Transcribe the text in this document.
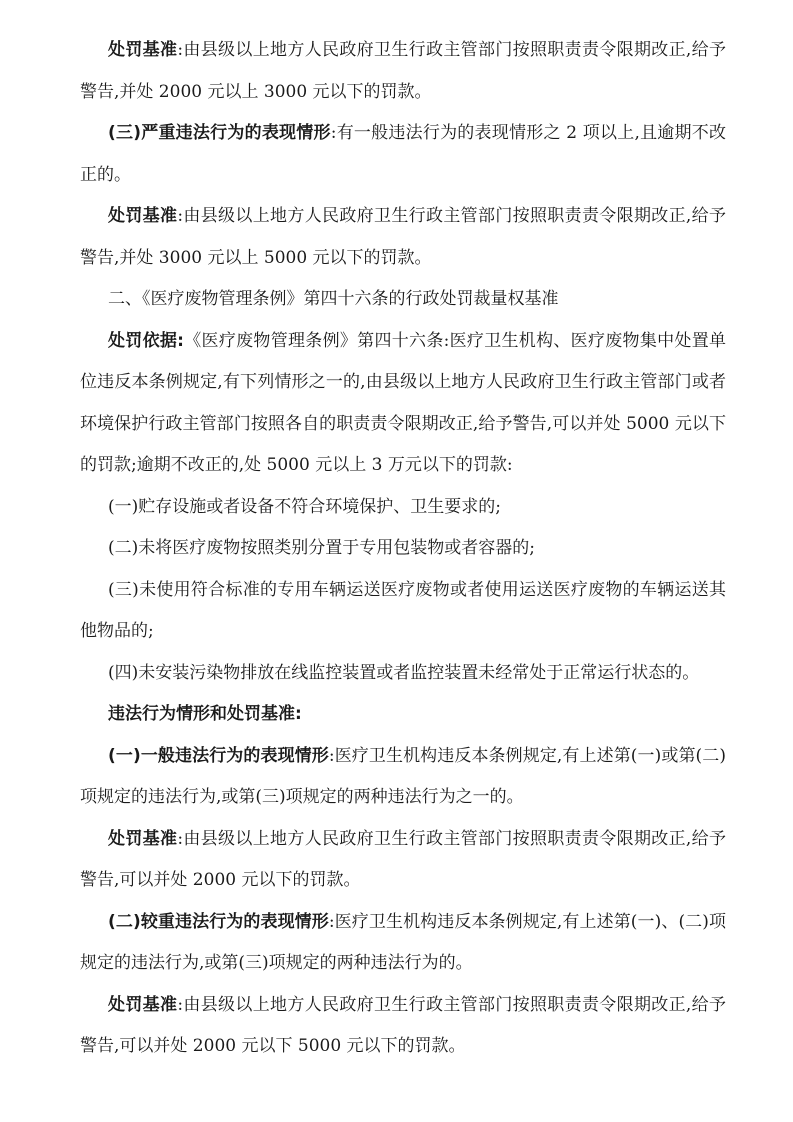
处罚基准:由县级以上地方人民政府卫生行政主管部门按照职责责令限期改正,给予警告,并处 2000 元以上 3000 元以下的罚款。

(三)严重违法行为的表现情形:有一般违法行为的表现情形之 2 项以上,且逾期不改正的。

处罚基准:由县级以上地方人民政府卫生行政主管部门按照职责责令限期改正,给予警告,并处 3000 元以上 5000 元以下的罚款。

二、《医疗废物管理条例》第四十六条的行政处罚裁量权基准

处罚依据:《医疗废物管理条例》第四十六条:医疗卫生机构、医疗废物集中处置单位违反本条例规定,有下列情形之一的,由县级以上地方人民政府卫生行政主管部门或者环境保护行政主管部门按照各自的职责责令限期改正,给予警告,可以并处 5000 元以下的罚款;逾期不改正的,处 5000 元以上 3 万元以下的罚款:

(一)贮存设施或者设备不符合环境保护、卫生要求的;

(二)未将医疗废物按照类别分置于专用包装物或者容器的;

(三)未使用符合标准的专用车辆运送医疗废物或者使用运送医疗废物的车辆运送其他物品的;

(四)未安装污染物排放在线监控装置或者监控装置未经常处于正常运行状态的。

违法行为情形和处罚基准:

(一)一般违法行为的表现情形:医疗卫生机构违反本条例规定,有上述第(一)或第(二)项规定的违法行为,或第(三)项规定的两种违法行为之一的。

处罚基准:由县级以上地方人民政府卫生行政主管部门按照职责责令限期改正,给予警告,可以并处 2000 元以下的罚款。

(二)较重违法行为的表现情形:医疗卫生机构违反本条例规定,有上述第(一)、(二)项规定的违法行为,或第(三)项规定的两种违法行为的。

处罚基准:由县级以上地方人民政府卫生行政主管部门按照职责责令限期改正,给予警告,可以并处 2000 元以下 5000 元以下的罚款。
